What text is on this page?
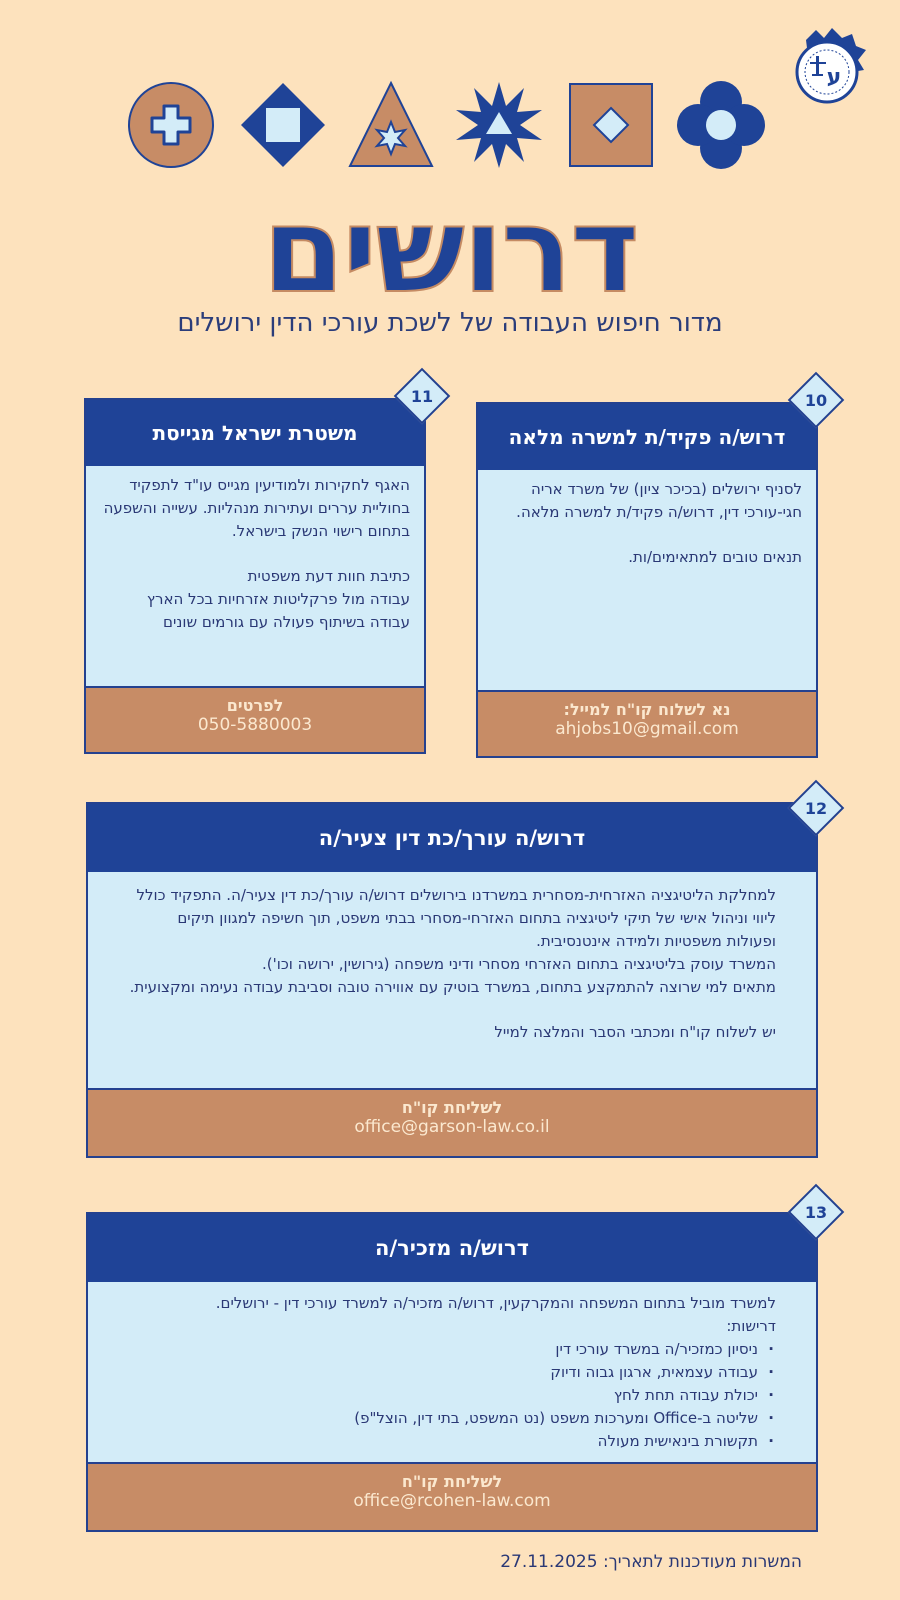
ע
דרושים
מדור חיפוש העבודה של לשכת עורכי הדין ירושלים
דרוש/ה פקיד/ת למשרה מלאה

לסניף ירושלים (בכיכר ציון) של משרד אריה חגי-עורכי דין, דרוש/ה פקיד/ת למשרה מלאה.

תנאים טובים למתאימים/ות.

נא לשלוח קו"ח למייל:
ahjobs10@gmail.com
10
משטרת ישראל מגייסת

האגף לחקירות ולמודיעין מגייס עו"ד לתפקיד בחוליית עררים ועתירות מנהליות. עשייה והשפעה בתחום רישוי הנשק בישראל.

כתיבת חוות דעת משפטית

עבודה מול פרקליטות אזרחיות בכל הארץ

עבודה בשיתוף פעולה עם גורמים שונים

לפרטים
050-5880003
11
דרוש/ה עורך/כת דין צעיר/ה

למחלקת הליטיגציה האזרחית-מסחרית במשרדנו בירושלים דרוש/ה עורך/כת דין צעיר/ה. התפקיד כולל ליווי וניהול אישי של תיקי ליטיגציה בתחום האזרחי-מסחרי בבתי משפט, תוך חשיפה למגוון תיקים ופעולות משפטיות ולמידה אינטנסיבית.

המשרד עוסק בליטיגציה בתחום האזרחי מסחרי ודיני משפחה (גירושין, ירושה וכו').

מתאים למי שרוצה להתמקצע בתחום, במשרד בוטיק עם אווירה טובה וסביבת עבודה נעימה ומקצועית.

יש לשלוח קו"ח ומכתבי הסבר והמלצה למייל

לשליחת קו"ח
office@garson-law.co.il
12
דרוש/ה מזכיר/ה

למשרד מוביל בתחום המשפחה והמקרקעין, דרוש/ה מזכיר/ה למשרד עורכי דין - ירושלים.

דרישות:

· ניסיון כמזכיר/ה במשרד עורכי דין
· עבודה עצמאית, ארגון גבוה ודיוק
· יכולת עבודה תחת לחץ
· שליטה ב-Office ומערכות משפט (נט המשפט, בתי דין, הוצל"פ)
· תקשורת בינאישית מעולה
לשליחת קו"ח
office@rcohen-law.com
13
המשרות מעודכנות לתאריך: 27.11.2025
